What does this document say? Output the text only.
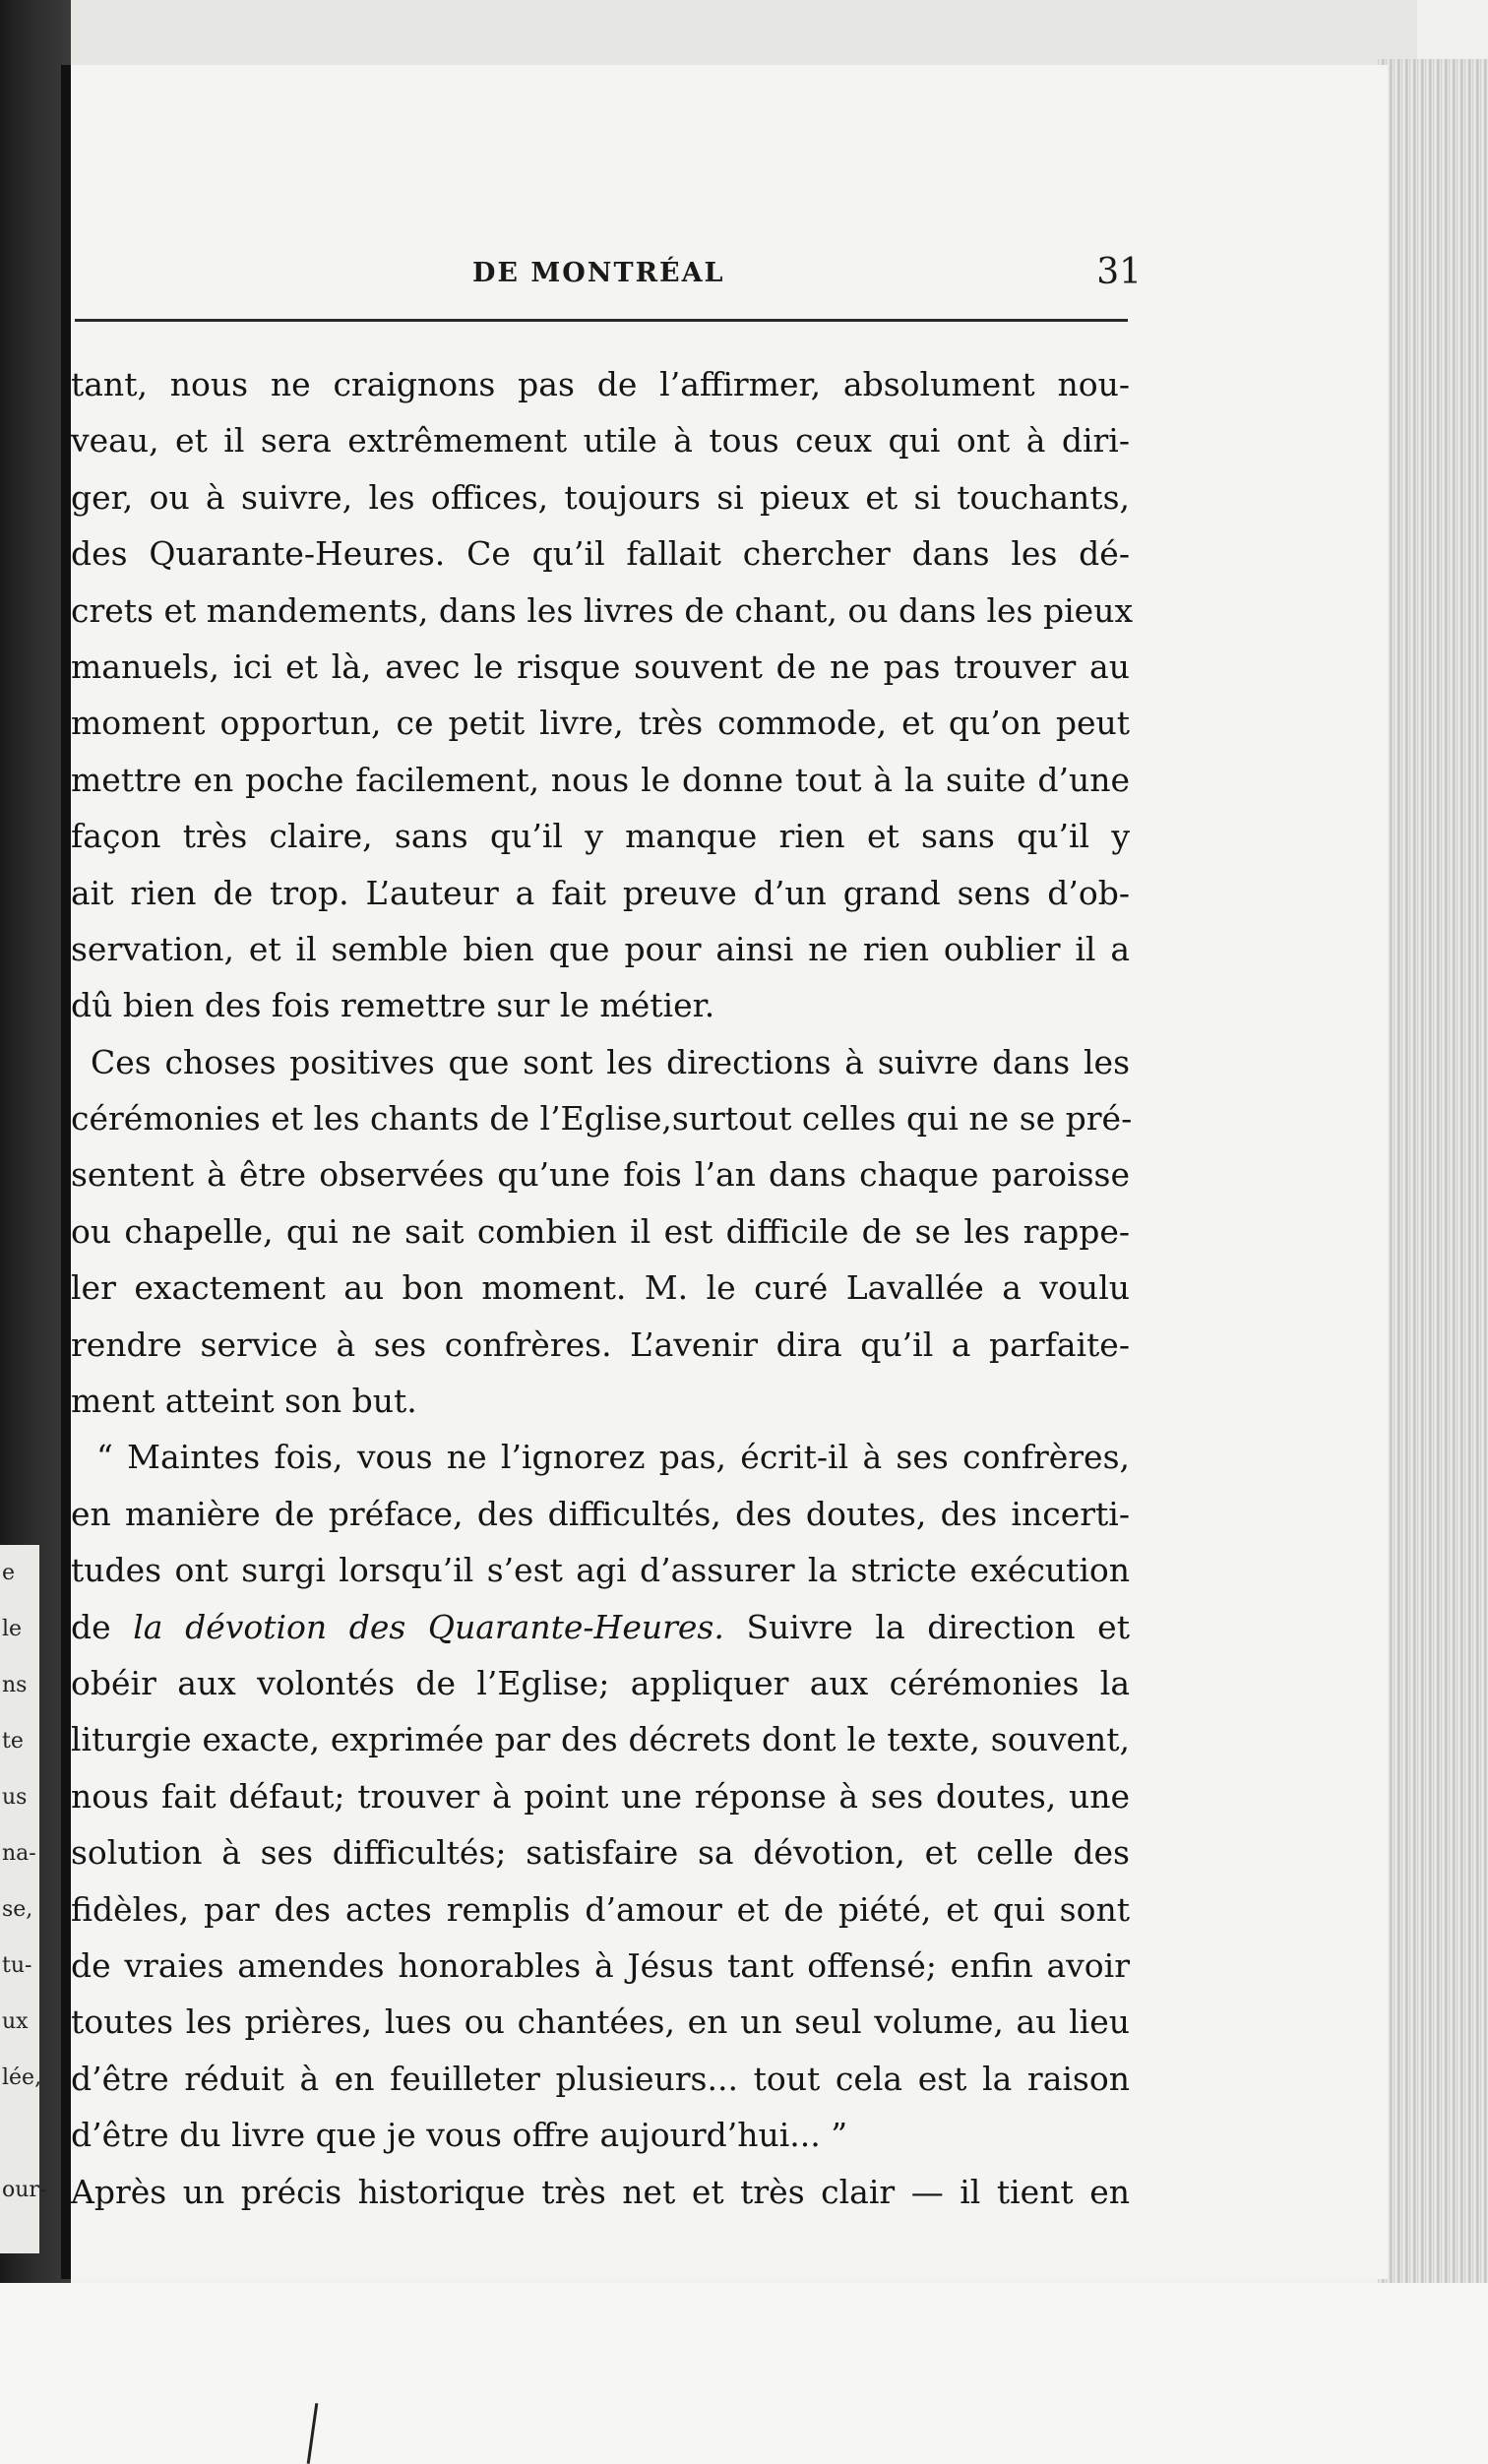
e
le
ns
te
us
na-
se,
tu-
ux
lée,
our-
DE MONTRÉAL	31
tant, nous ne craignons pas de l’affirmer, absolument nou-
veau, et il sera extrêmement utile à tous ceux qui ont à diri-
ger, ou à suivre, les offices, toujours si pieux et si touchants,
des Quarante-Heures. Ce qu’il fallait chercher dans les dé-
crets et mandements, dans les livres de chant, ou dans les pieux
manuels, ici et là, avec le risque souvent de ne pas trouver au
moment opportun, ce petit livre, très commode, et qu’on peut
mettre en poche facilement, nous le donne tout à la suite d’une
façon très claire, sans qu’il y manque rien et sans qu’il y
ait rien de trop. L’auteur a fait preuve d’un grand sens d’ob-
servation, et il semble bien que pour ainsi ne rien oublier il a
dû bien des fois remettre sur le métier.
Ces choses positives que sont les directions à suivre dans les
cérémonies et les chants de l’Eglise,surtout celles qui ne se pré-
sentent à être observées qu’une fois l’an dans chaque paroisse
ou chapelle, qui ne sait combien il est difficile de se les rappe-
ler exactement au bon moment. M. le curé Lavallée a voulu
rendre service à ses confrères. L’avenir dira qu’il a parfaite-
ment atteint son but.
“ Maintes fois, vous ne l’ignorez pas, écrit-il à ses confrères,
en manière de préface, des difficultés, des doutes, des incerti-
tudes ont surgi lorsqu’il s’est agi d’assurer la stricte exécution
de la dévotion des Quarante-Heures. Suivre la direction et
obéir aux volontés de l’Eglise; appliquer aux cérémonies la
liturgie exacte, exprimée par des décrets dont le texte, souvent,
nous fait défaut; trouver à point une réponse à ses doutes, une
solution à ses difficultés; satisfaire sa dévotion, et celle des
fidèles, par des actes remplis d’amour et de piété, et qui sont
de vraies amendes honorables à Jésus tant offensé; enfin avoir
toutes les prières, lues ou chantées, en un seul volume, au lieu
d’être réduit à en feuilleter plusieurs... tout cela est la raison
d’être du livre que je vous offre aujourd’hui... ”
Après un précis historique très net et très clair — il tient en
